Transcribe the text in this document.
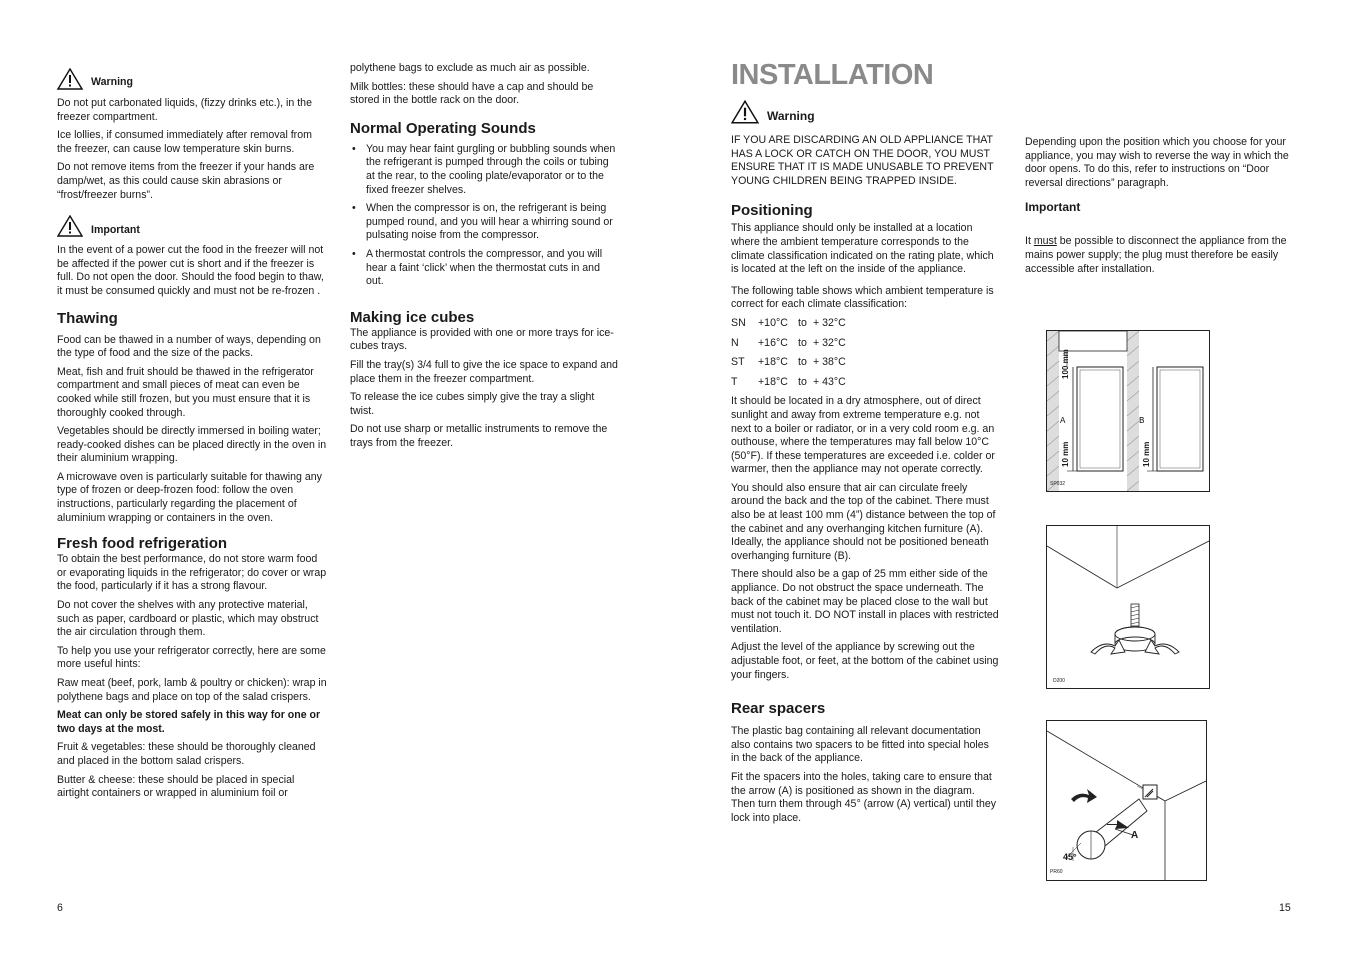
Warning

Do not put carbonated liquids, (fizzy drinks etc.), in the freezer compartment.

Ice lollies, if consumed immediately after removal from the freezer, can cause low temperature skin burns.

Do not remove items from the freezer if your hands are damp/wet, as this could cause skin abrasions or “frost/freezer burns”.

Important

In the event of a power cut the food in the freezer will not be affected if the power cut is short and if the freezer is full. Do not open the door. Should the food begin to thaw, it must be consumed quickly and must not be re-frozen .

Thawing

Food can be thawed in a number of ways, depending on the type of food and the size of the packs.

Meat, fish and fruit should be thawed in the refrigerator compartment and small pieces of meat can even be cooked while still frozen, but you must ensure that it is thoroughly cooked through.

Vegetables should be directly immersed in boiling water; ready-cooked dishes can be placed directly in the oven in their aluminium wrapping.

A microwave oven is particularly suitable for thawing any type of frozen or deep-frozen food: follow the oven instructions, particularly regarding the placement of aluminium wrapping or containers in the oven.

Fresh food refrigeration

To obtain the best performance, do not store warm food or evaporating liquids in the refrigerator; do cover or wrap the food, particularly if it has a strong flavour.

Do not cover the shelves with any protective material, such as paper, cardboard or plastic, which may obstruct the air circulation through them.

To help you use your refrigerator correctly, here are some more useful hints:

Raw meat (beef, pork, lamb & poultry or chicken): wrap in polythene bags and place on top of the salad crispers.

Meat can only be stored safely in this way for one or two days at the most.

Fruit & vegetables: these should be thoroughly cleaned and placed in the bottom salad crispers.

Butter & cheese: these should be placed in special airtight containers or wrapped in aluminium foil or

6

polythene bags to exclude as much air as possible.

Milk bottles: these should have a cap and should be stored in the bottle rack on the door.

Normal Operating Sounds
• You may hear faint gurgling or bubbling sounds when the refrigerant is pumped through the coils or tubing at the rear, to the cooling plate/evaporator or to the fixed freezer shelves.
• When the compressor is on, the refrigerant is being pumped round, and you will hear a whirring sound or pulsating noise from the compressor.
• A thermostat controls the compressor, and you will hear a faint ‘click’ when the thermostat cuts in and out.
Making ice cubes

The appliance is provided with one or more trays for ice-cubes trays.

Fill the tray(s) 3/4 full to give the ice space to expand and place them in the freezer compartment.

To release the ice cubes simply give the tray a slight twist.

Do not use sharp or metallic instruments to remove the trays from the freezer.

INSTALLATION
Warning

IF YOU ARE DISCARDING AN OLD APPLIANCE THAT HAS A LOCK OR CATCH ON THE DOOR, YOU MUST ENSURE THAT IT IS MADE UNUSABLE TO PREVENT YOUNG CHILDREN BEING TRAPPED INSIDE.

Positioning

This appliance should only be installed at a location where the ambient temperature corresponds to the climate classification indicated on the rating plate, which is located at the left on the inside of the appliance.

The following table shows which ambient temperature is correct for each climate classification:

SN	+10°C to + 32°C
N	+16°C to + 32°C
ST	+18°C to + 38°C
T	+18°C to + 43°C

It should be located in a dry atmosphere, out of direct sunlight and away from extreme temperature e.g. not next to a boiler or radiator, or in a very cold room e.g. an outhouse, where the temperatures may fall below 10°C (50°F). If these temperatures are exceeded i.e. colder or warmer, then the appliance may not operate correctly.

You should also ensure that air can circulate freely around the back and the top of the cabinet. There must also be at least 100 mm (4”) distance between the top of the cabinet and any overhanging kitchen furniture (A). Ideally, the appliance should not be positioned beneath overhanging furniture (B).

There should also be a gap of 25 mm either side of the appliance. Do not obstruct the space underneath. The back of the cabinet may be placed close to the wall but must not touch it. DO NOT install in places with restricted ventilation.

Adjust the level of the appliance by screwing out the adjustable foot, or feet, at the bottom of the cabinet using your fingers.

Rear spacers

The plastic bag containing all relevant documentation also contains two spacers to be fitted into special holes in the back of the appliance.

Fit the spacers into the holes, taking care to ensure that the arrow (A) is positioned as shown in the diagram. Then turn them through 45° (arrow (A) vertical) until they lock into place.

Depending upon the position which you choose for your appliance, you may wish to reverse the way in which the door opens. To do this, refer to instructions on “Door reversal directions” paragraph.

Important

It must be possible to disconnect the appliance from the mains power supply; the plug must therefore be easily accessible after installation.

100 mm
10 mm	10 mm
A	B
SP032
D200
A
45°
PR60
15
